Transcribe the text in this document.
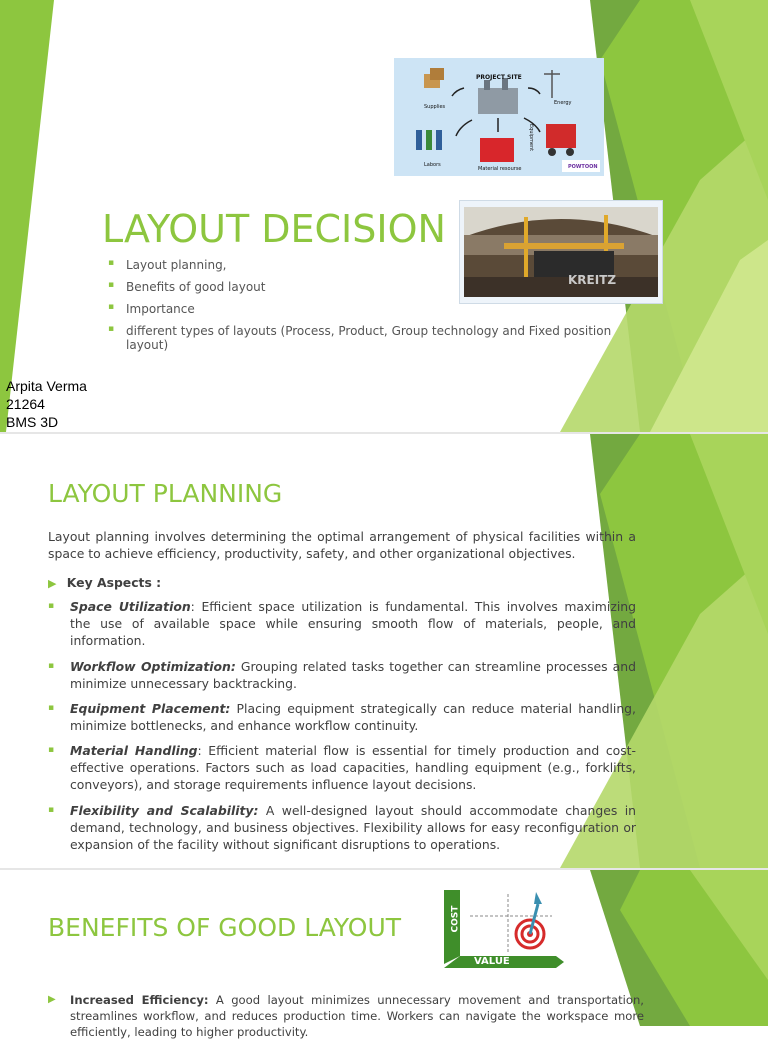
PROJECT SITE
Supplies
Energy
Labors
Material resourse
Equipment
POWTOON
KREITZ
LAYOUT DECISION
▪ Layout planning,
▪ Benefits of good layout
▪ Importance
▪ different types of layouts (Process, Product, Group technology and Fixed position layout)
Arpita Verma
21264
BMS 3D
LAYOUT PLANNING

Layout planning involves determining the optimal arrangement of physical facilities within a space to achieve efficiency, productivity, safety, and other organizational objectives.

▶ Key Aspects :
▪ Space Utilization: Efficient space utilization is fundamental. This involves maximizing the use of available space while ensuring smooth flow of materials, people, and information.
▪ Workflow Optimization: Grouping related tasks together can streamline processes and minimize unnecessary backtracking.
▪ Equipment Placement: Placing equipment strategically can reduce material handling, minimize bottlenecks, and enhance workflow continuity.
▪ Material Handling: Efficient material flow is essential for timely production and cost-effective operations. Factors such as load capacities, handling equipment (e.g., forklifts, conveyors), and storage requirements influence layout decisions.
▪ Flexibility and Scalability: A well-designed layout should accommodate changes in demand, technology, and business objectives. Flexibility allows for easy reconfiguration or expansion of the facility without significant disruptions to operations.
BENEFITS OF GOOD LAYOUT	COST
VALUE
▶	Increased Efficiency: A good layout minimizes unnecessary movement and transportation, streamlines workflow, and reduces production time. Workers can navigate the workspace more efficiently, leading to higher productivity.
